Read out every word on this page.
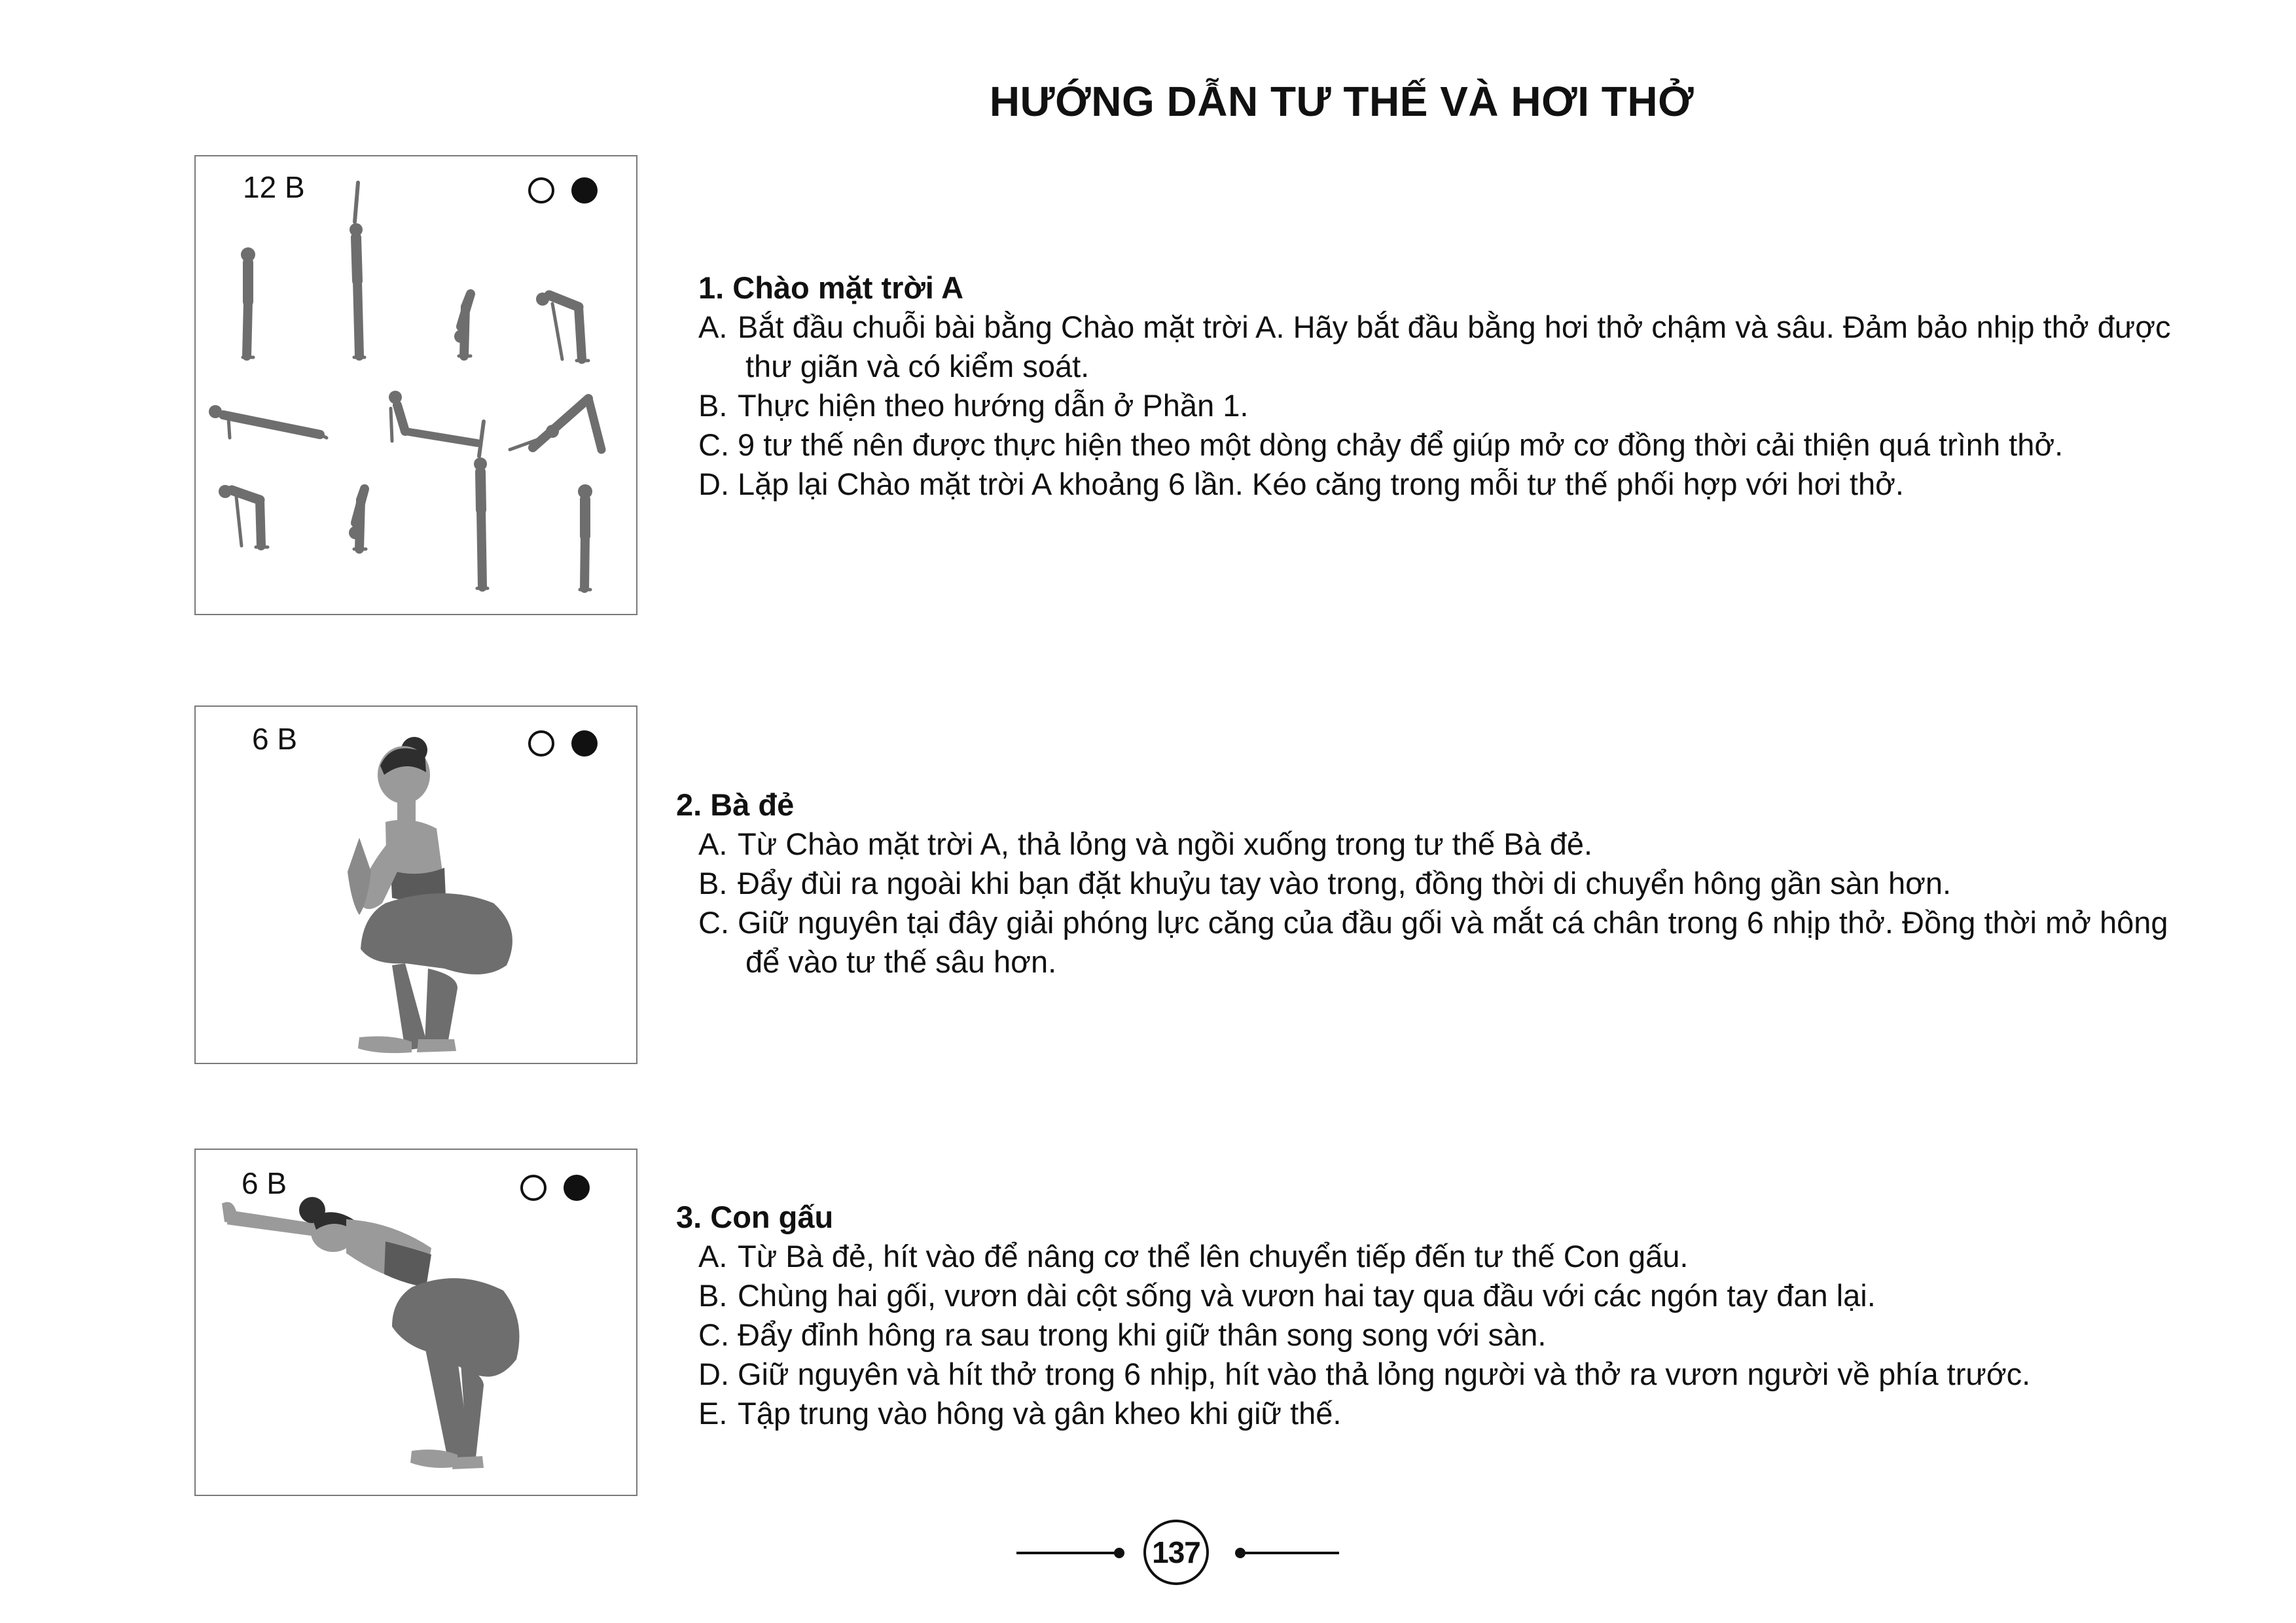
HƯỚNG DẪN TƯ THẾ VÀ HƠI THỞ
12 B

1. Chào mặt trời A

A. Bắt đầu chuỗi bài bằng Chào mặt trời A. Hãy bắt đầu bằng hơi thở chậm và sâu. Đảm bảo nhịp thở được thư giãn và có kiểm soát.

B. Thực hiện theo hướng dẫn ở Phần 1.

C. 9 tư thế nên được thực hiện theo một dòng chảy để giúp mở cơ đồng thời cải thiện quá trình thở.

D. Lặp lại Chào mặt trời A khoảng 6 lần. Kéo căng trong mỗi tư thế phối hợp với hơi thở.

6 B

2. Bà đẻ

A. Từ Chào mặt trời A, thả lỏng và ngồi xuống trong tư thế Bà đẻ.

B. Đẩy đùi ra ngoài khi bạn đặt khuỷu tay vào trong, đồng thời di chuyển hông gần sàn hơn.

C. Giữ nguyên tại đây giải phóng lực căng của đầu gối và mắt cá chân trong 6 nhịp thở. Đồng thời mở hông để vào tư thế sâu hơn.

6 B

3. Con gấu

A. Từ Bà đẻ, hít vào để nâng cơ thể lên chuyển tiếp đến tư thế Con gấu.

B. Chùng hai gối, vươn dài cột sống và vươn hai tay qua đầu với các ngón tay đan lại.

C. Đẩy đỉnh hông ra sau trong khi giữ thân song song với sàn.

D. Giữ nguyên và hít thở trong 6 nhịp, hít vào thả lỏng người và thở ra vươn người về phía trước.

E. Tập trung vào hông và gân kheo khi giữ thế.

137
